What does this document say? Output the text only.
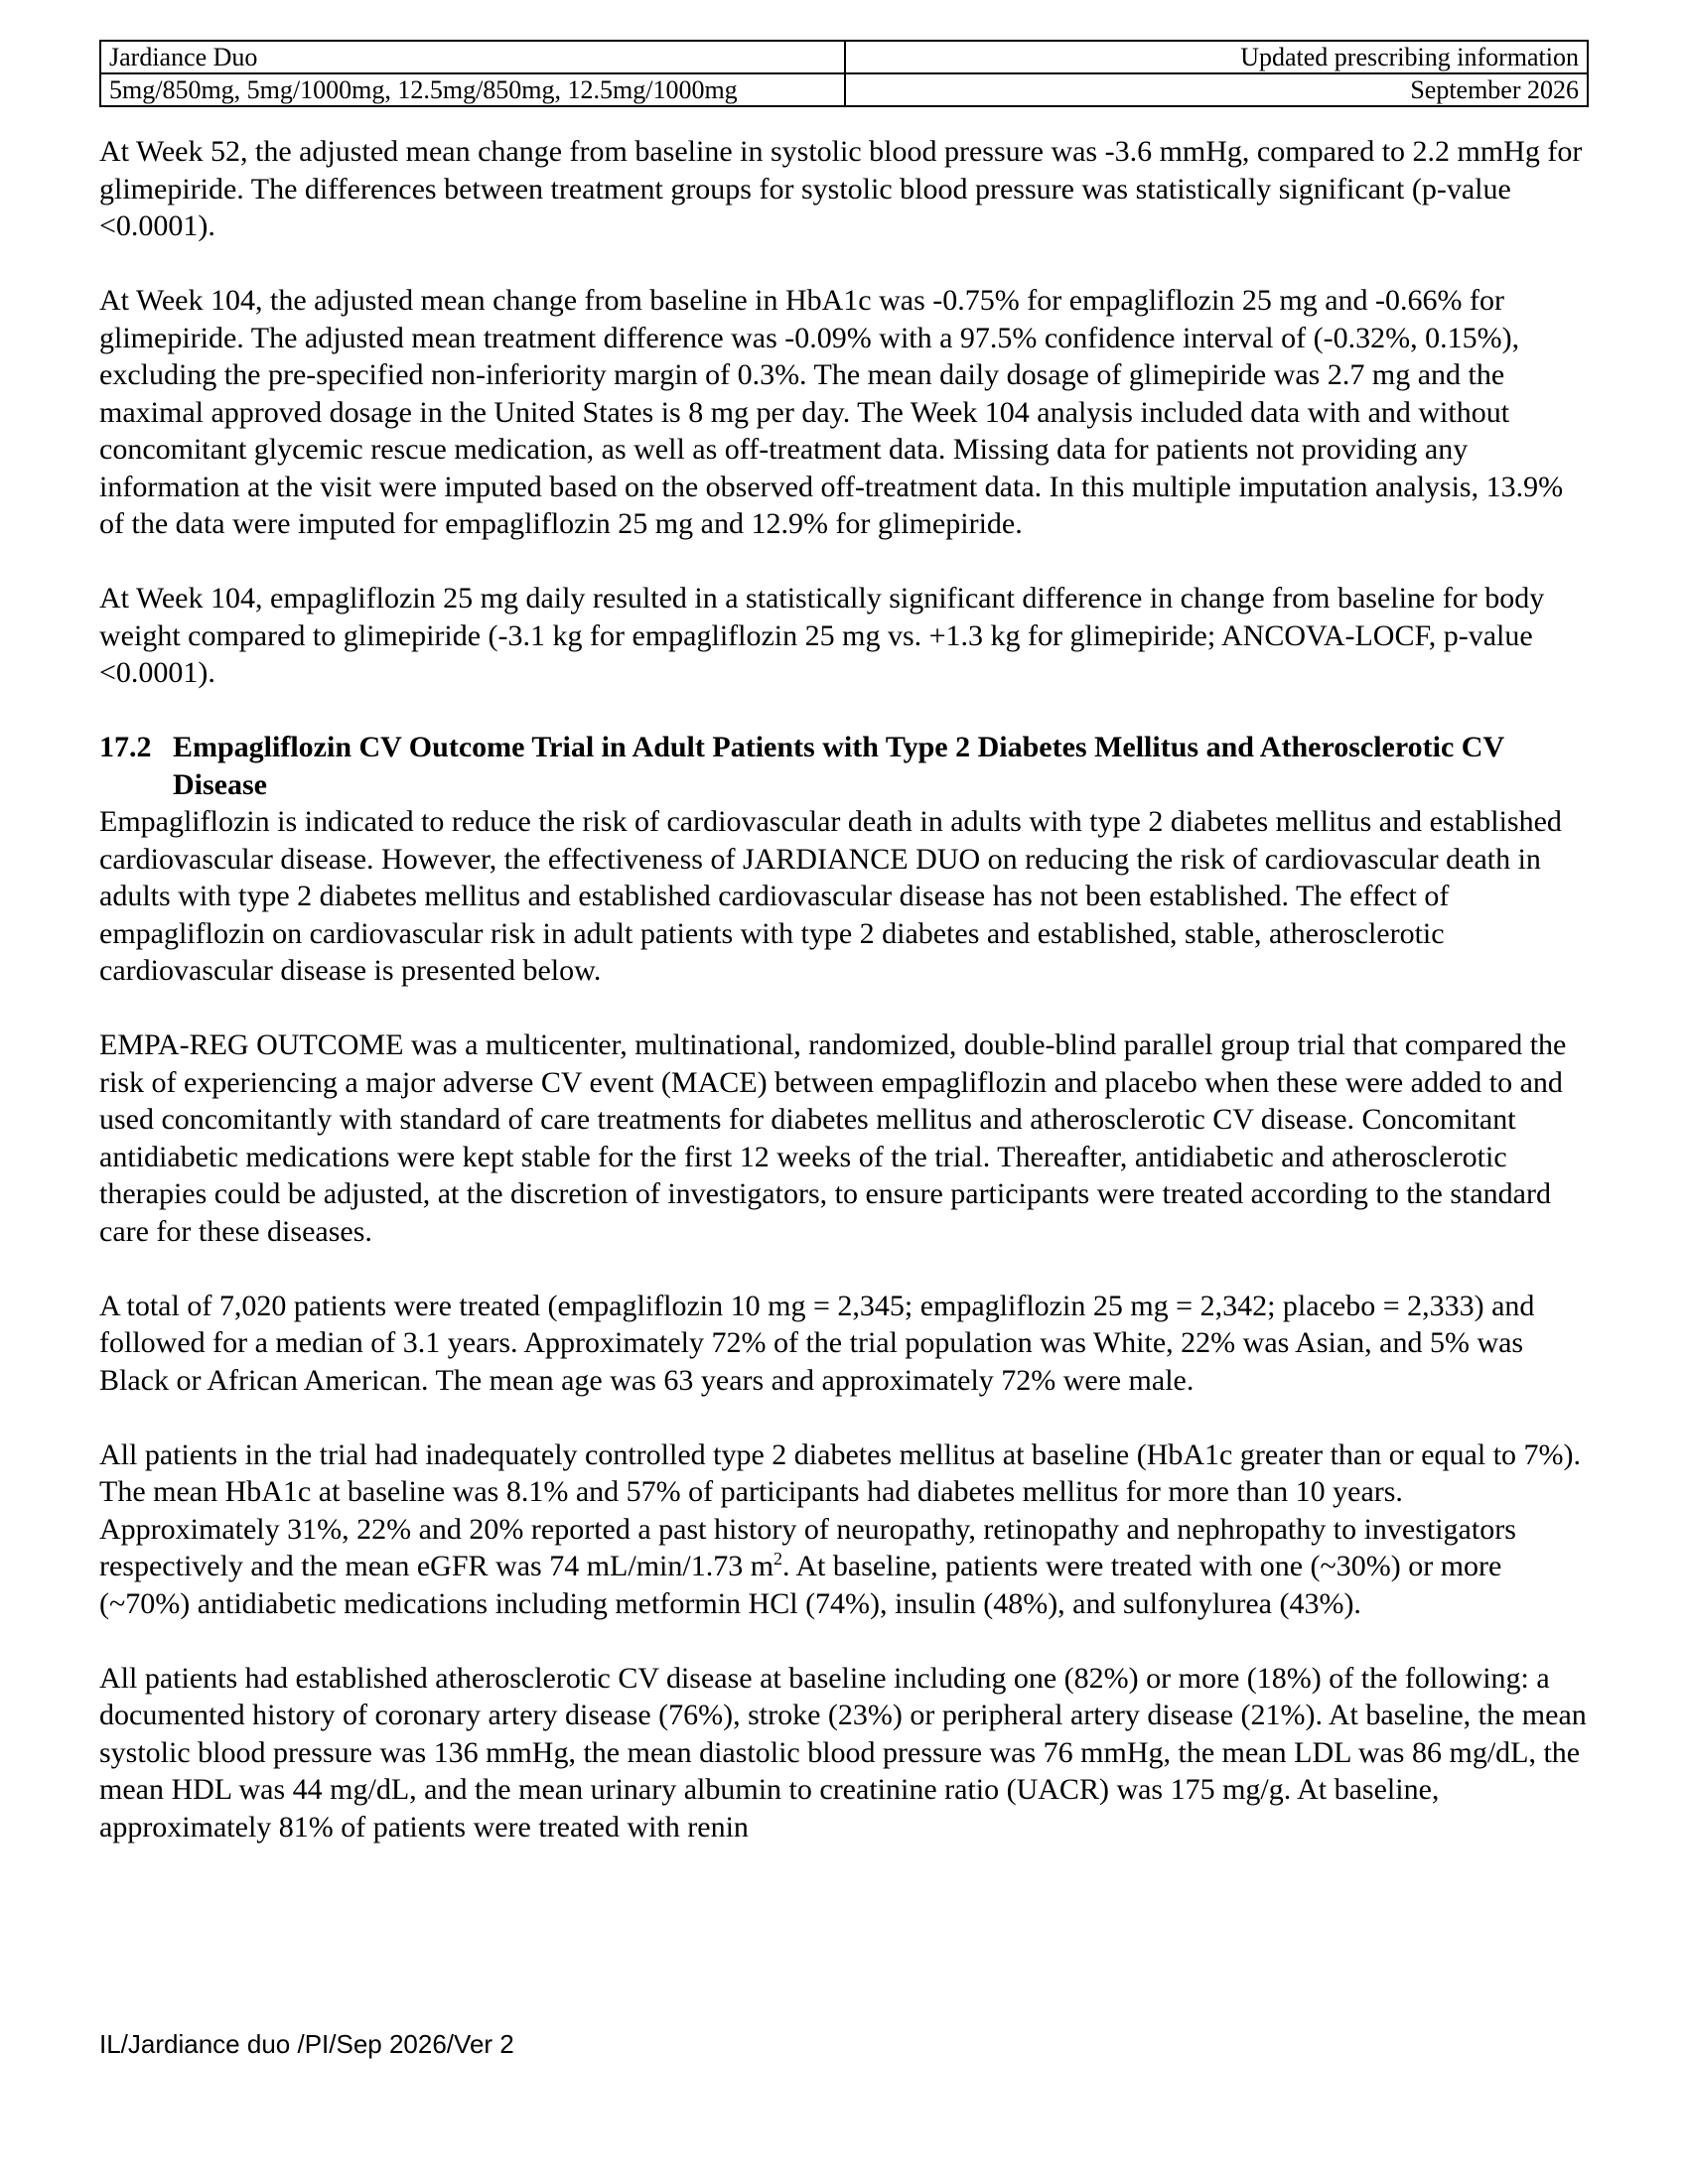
Jardiance Duo	Updated prescribing information
5mg/850mg, 5mg/1000mg, 12.5mg/850mg, 12.5mg/1000mg	September 2026

At Week 52, the adjusted mean change from baseline in systolic blood pressure was -3.6 mmHg, compared to 2.2 mmHg for glimepiride. The differences between treatment groups for systolic blood pressure was statistically significant (p-value <0.0001).

At Week 104, the adjusted mean change from baseline in HbA1c was -0.75% for empagliflozin 25 mg and -0.66% for glimepiride. The adjusted mean treatment difference was -0.09% with a 97.5% confidence interval of (-0.32%, 0.15%), excluding the pre-specified non-inferiority margin of 0.3%. The mean daily dosage of glimepiride was 2.7 mg and the maximal approved dosage in the United States is 8 mg per day. The Week 104 analysis included data with and without concomitant glycemic rescue medication, as well as off-treatment data. Missing data for patients not providing any information at the visit were imputed based on the observed off-treatment data. In this multiple imputation analysis, 13.9% of the data were imputed for empagliflozin 25 mg and 12.9% for glimepiride.

At Week 104, empagliflozin 25 mg daily resulted in a statistically significant difference in change from baseline for body weight compared to glimepiride (-3.1 kg for empagliflozin 25 mg vs. +1.3 kg for glimepiride; ANCOVA-LOCF, p-value <0.0001).

17.2 Empagliflozin CV Outcome Trial in Adult Patients with Type 2 Diabetes Mellitus and Atherosclerotic CV Disease

Empagliflozin is indicated to reduce the risk of cardiovascular death in adults with type 2 diabetes mellitus and established cardiovascular disease. However, the effectiveness of JARDIANCE DUO on reducing the risk of cardiovascular death in adults with type 2 diabetes mellitus and established cardiovascular disease has not been established. The effect of empagliflozin on cardiovascular risk in adult patients with type 2 diabetes and established, stable, atherosclerotic cardiovascular disease is presented below.

EMPA-REG OUTCOME was a multicenter, multinational, randomized, double-blind parallel group trial that compared the risk of experiencing a major adverse CV event (MACE) between empagliflozin and placebo when these were added to and used concomitantly with standard of care treatments for diabetes mellitus and atherosclerotic CV disease. Concomitant antidiabetic medications were kept stable for the first 12 weeks of the trial. Thereafter, antidiabetic and atherosclerotic therapies could be adjusted, at the discretion of investigators, to ensure participants were treated according to the standard care for these diseases.

A total of 7,020 patients were treated (empagliflozin 10 mg = 2,345; empagliflozin 25 mg = 2,342; placebo = 2,333) and followed for a median of 3.1 years. Approximately 72% of the trial population was White, 22% was Asian, and 5% was Black or African American. The mean age was 63 years and approximately 72% were male.

All patients in the trial had inadequately controlled type 2 diabetes mellitus at baseline (HbA1c greater than or equal to 7%). The mean HbA1c at baseline was 8.1% and 57% of participants had diabetes mellitus for more than 10 years. Approximately 31%, 22% and 20% reported a past history of neuropathy, retinopathy and nephropathy to investigators respectively and the mean eGFR was 74 mL/min/1.73 $m^2$. At baseline, patients were treated with one (~30%) or more (~70%) antidiabetic medications including metformin HCl (74%), insulin (48%), and sulfonylurea (43%).

All patients had established atherosclerotic CV disease at baseline including one (82%) or more (18%) of the following: a documented history of coronary artery disease (76%), stroke (23%) or peripheral artery disease (21%). At baseline, the mean systolic blood pressure was 136 mmHg, the mean diastolic blood pressure was 76 mmHg, the mean LDL was 86 mg/dL, the mean HDL was 44 mg/dL, and the mean urinary albumin to creatinine ratio (UACR) was 175 mg/g. At baseline, approximately 81% of patients were treated with renin

IL/Jardiance duo /PI/Sep 2026/Ver 2
